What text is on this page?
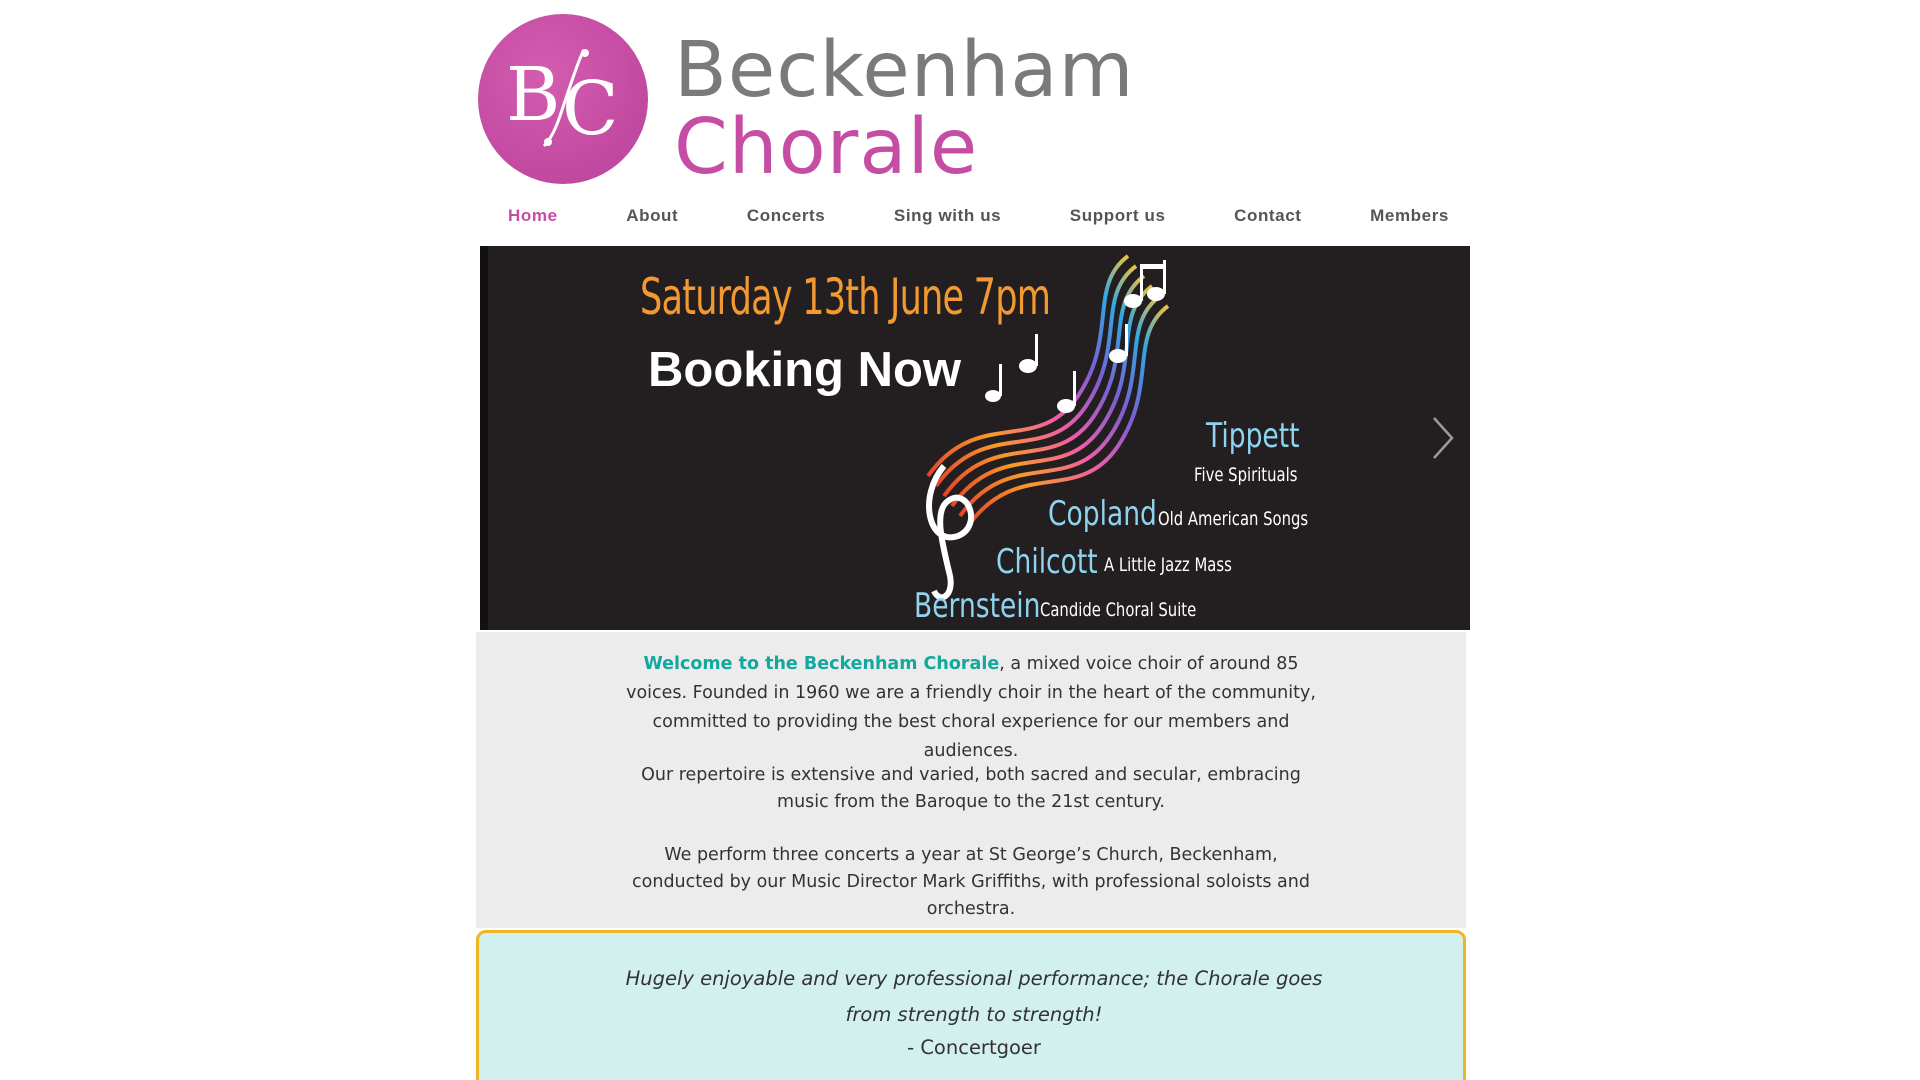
B C Beckenham
Chorale
Home	About	Concerts	Sing with us	Support us	Contact	Members
Saturday 13th June 7pm
Booking Now
Tippett
Five Spirituals
Copland Old American Songs
Chilcott A Little Jazz Mass
Bernstein Candide Choral Suite

Welcome to the Beckenham Chorale, a mixed voice choir of around 85 voices. Founded in 1960 we are a friendly choir in the heart of the community, committed to providing the best choral experience for our members and audiences.

Our repertoire is extensive and varied, both sacred and secular, embracing music from the Baroque to the 21st century.

We perform three concerts a year at St George’s Church, Beckenham, conducted by our Music Director Mark Griffiths, with professional soloists and orchestra.

Hugely enjoyable and very professional performance; the Chorale goes from strength to strength!

- Concertgoer
